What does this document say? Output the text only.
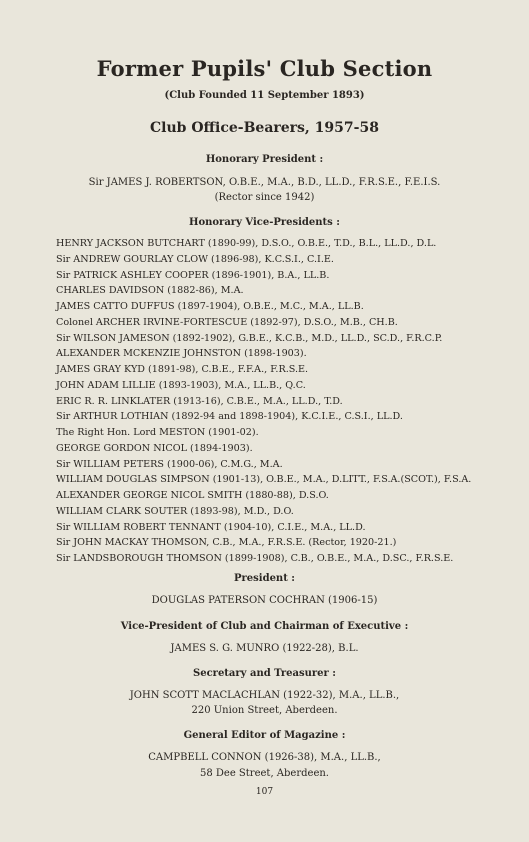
Former Pupils' Club Section
(Club Founded 11 September 1893)
Club Office-Bearers, 1957-58
Honorary President :
Sir JAMES J. ROBERTSON, O.B.E., M.A., B.D., LL.D., F.R.S.E., F.E.I.S.
(Rector since 1942)
Honorary Vice-Presidents :
HENRY JACKSON BUTCHART (1890-99), D.S.O., O.B.E., T.D., B.L., LL.D., D.L.
Sir ANDREW GOURLAY CLOW (1896-98), K.C.S.I., C.I.E.
Sir PATRICK ASHLEY COOPER (1896-1901), B.A., LL.B.
CHARLES DAVIDSON (1882-86), M.A.
JAMES CATTO DUFFUS (1897-1904), O.B.E., M.C., M.A., LL.B.
Colonel ARCHER IRVINE-FORTESCUE (1892-97), D.S.O., M.B., CH.B.
Sir WILSON JAMESON (1892-1902), G.B.E., K.C.B., M.D., LL.D., SC.D., F.R.C.P.
ALEXANDER MCKENZIE JOHNSTON (1898-1903).
JAMES GRAY KYD (1891-98), C.B.E., F.F.A., F.R.S.E.
JOHN ADAM LILLIE (1893-1903), M.A., LL.B., Q.C.
ERIC R. R. LINKLATER (1913-16), C.B.E., M.A., LL.D., T.D.
Sir ARTHUR LOTHIAN (1892-94 and 1898-1904), K.C.I.E., C.S.I., LL.D.
The Right Hon. Lord MESTON (1901-02).
GEORGE GORDON NICOL (1894-1903).
Sir WILLIAM PETERS (1900-06), C.M.G., M.A.
WILLIAM DOUGLAS SIMPSON (1901-13), O.B.E., M.A., D.LITT., F.S.A.(SCOT.), F.S.A.
ALEXANDER GEORGE NICOL SMITH (1880-88), D.S.O.
WILLIAM CLARK SOUTER (1893-98), M.D., D.O.
Sir WILLIAM ROBERT TENNANT (1904-10), C.I.E., M.A., LL.D.
Sir JOHN MACKAY THOMSON, C.B., M.A., F.R.S.E. (Rector, 1920-21.)
Sir LANDSBOROUGH THOMSON (1899-1908), C.B., O.B.E., M.A., D.SC., F.R.S.E.
President :
DOUGLAS PATERSON COCHRAN (1906-15)
Vice-President of Club and Chairman of Executive :
JAMES S. G. MUNRO (1922-28), B.L.
Secretary and Treasurer :
JOHN SCOTT MACLACHLAN (1922-32), M.A., LL.B.,
220 Union Street, Aberdeen.
General Editor of Magazine :
CAMPBELL CONNON (1926-38), M.A., LL.B.,
58 Dee Street, Aberdeen.
107
